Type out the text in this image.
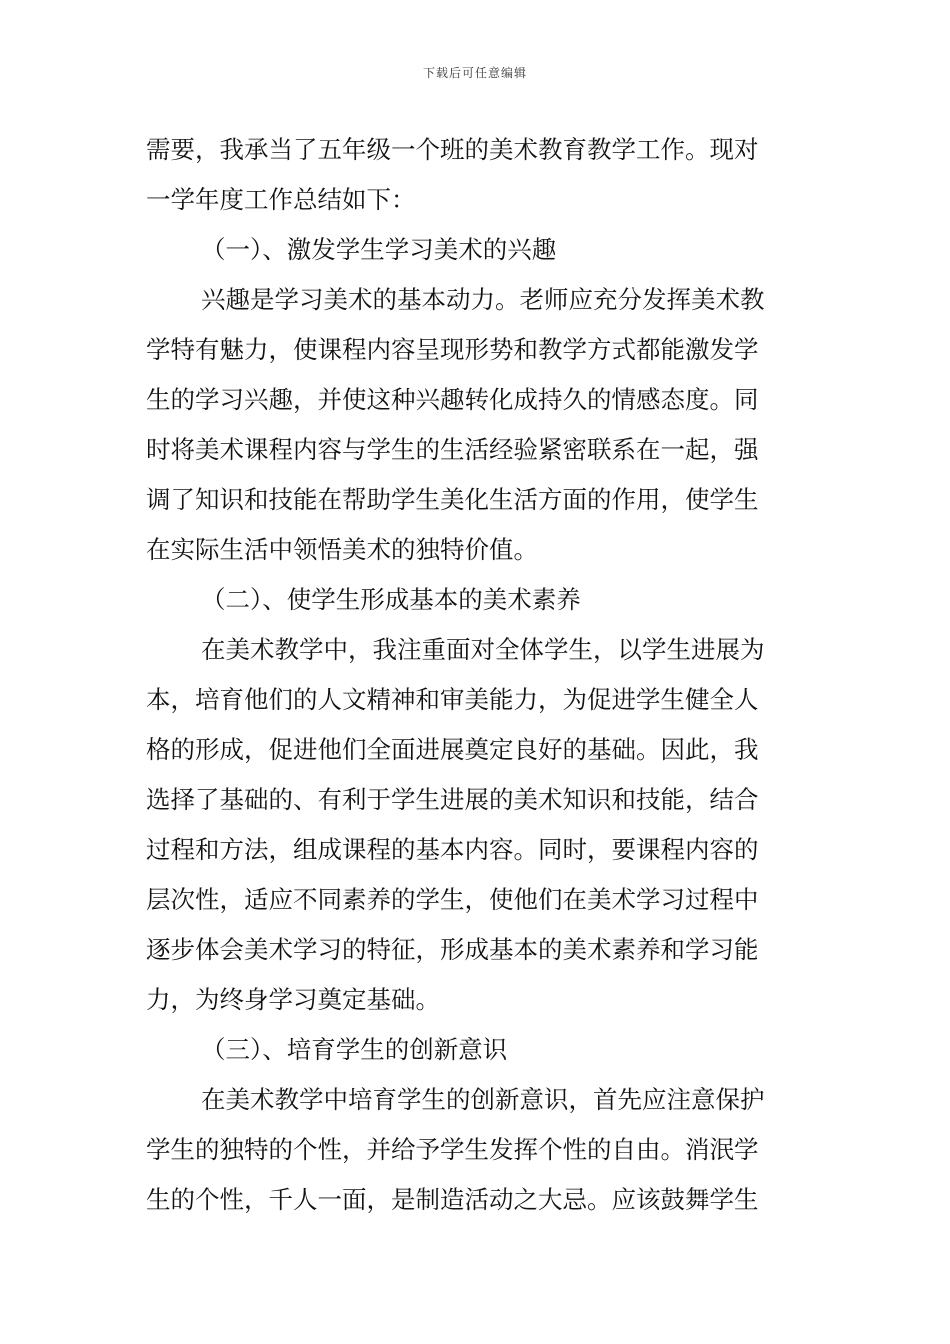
下载后可任意编辑
需要，我承当了五年级一个班的美术教育教学工作。现对
一学年度工作总结如下：
（一）、激发学生学习美术的兴趣
兴趣是学习美术的基本动力。老师应充分发挥美术教
学特有魅力，使课程内容呈现形势和教学方式都能激发学
生的学习兴趣，并使这种兴趣转化成持久的情感态度。同
时将美术课程内容与学生的生活经验紧密联系在一起，强
调了知识和技能在帮助学生美化生活方面的作用，使学生
在实际生活中领悟美术的独特价值。
（二）、使学生形成基本的美术素养
在美术教学中，我注重面对全体学生，以学生进展为
本，培育他们的人文精神和审美能力，为促进学生健全人
格的形成，促进他们全面进展奠定良好的基础。因此，我
选择了基础的、有利于学生进展的美术知识和技能，结合
过程和方法，组成课程的基本内容。同时，要课程内容的
层次性，适应不同素养的学生，使他们在美术学习过程中
逐步体会美术学习的特征，形成基本的美术素养和学习能
力，为终身学习奠定基础。
（三）、培育学生的创新意识
在美术教学中培育学生的创新意识，首先应注意保护
学生的独特的个性，并给予学生发挥个性的自由。消泯学
生的个性，千人一面，是制造活动之大忌。应该鼓舞学生
